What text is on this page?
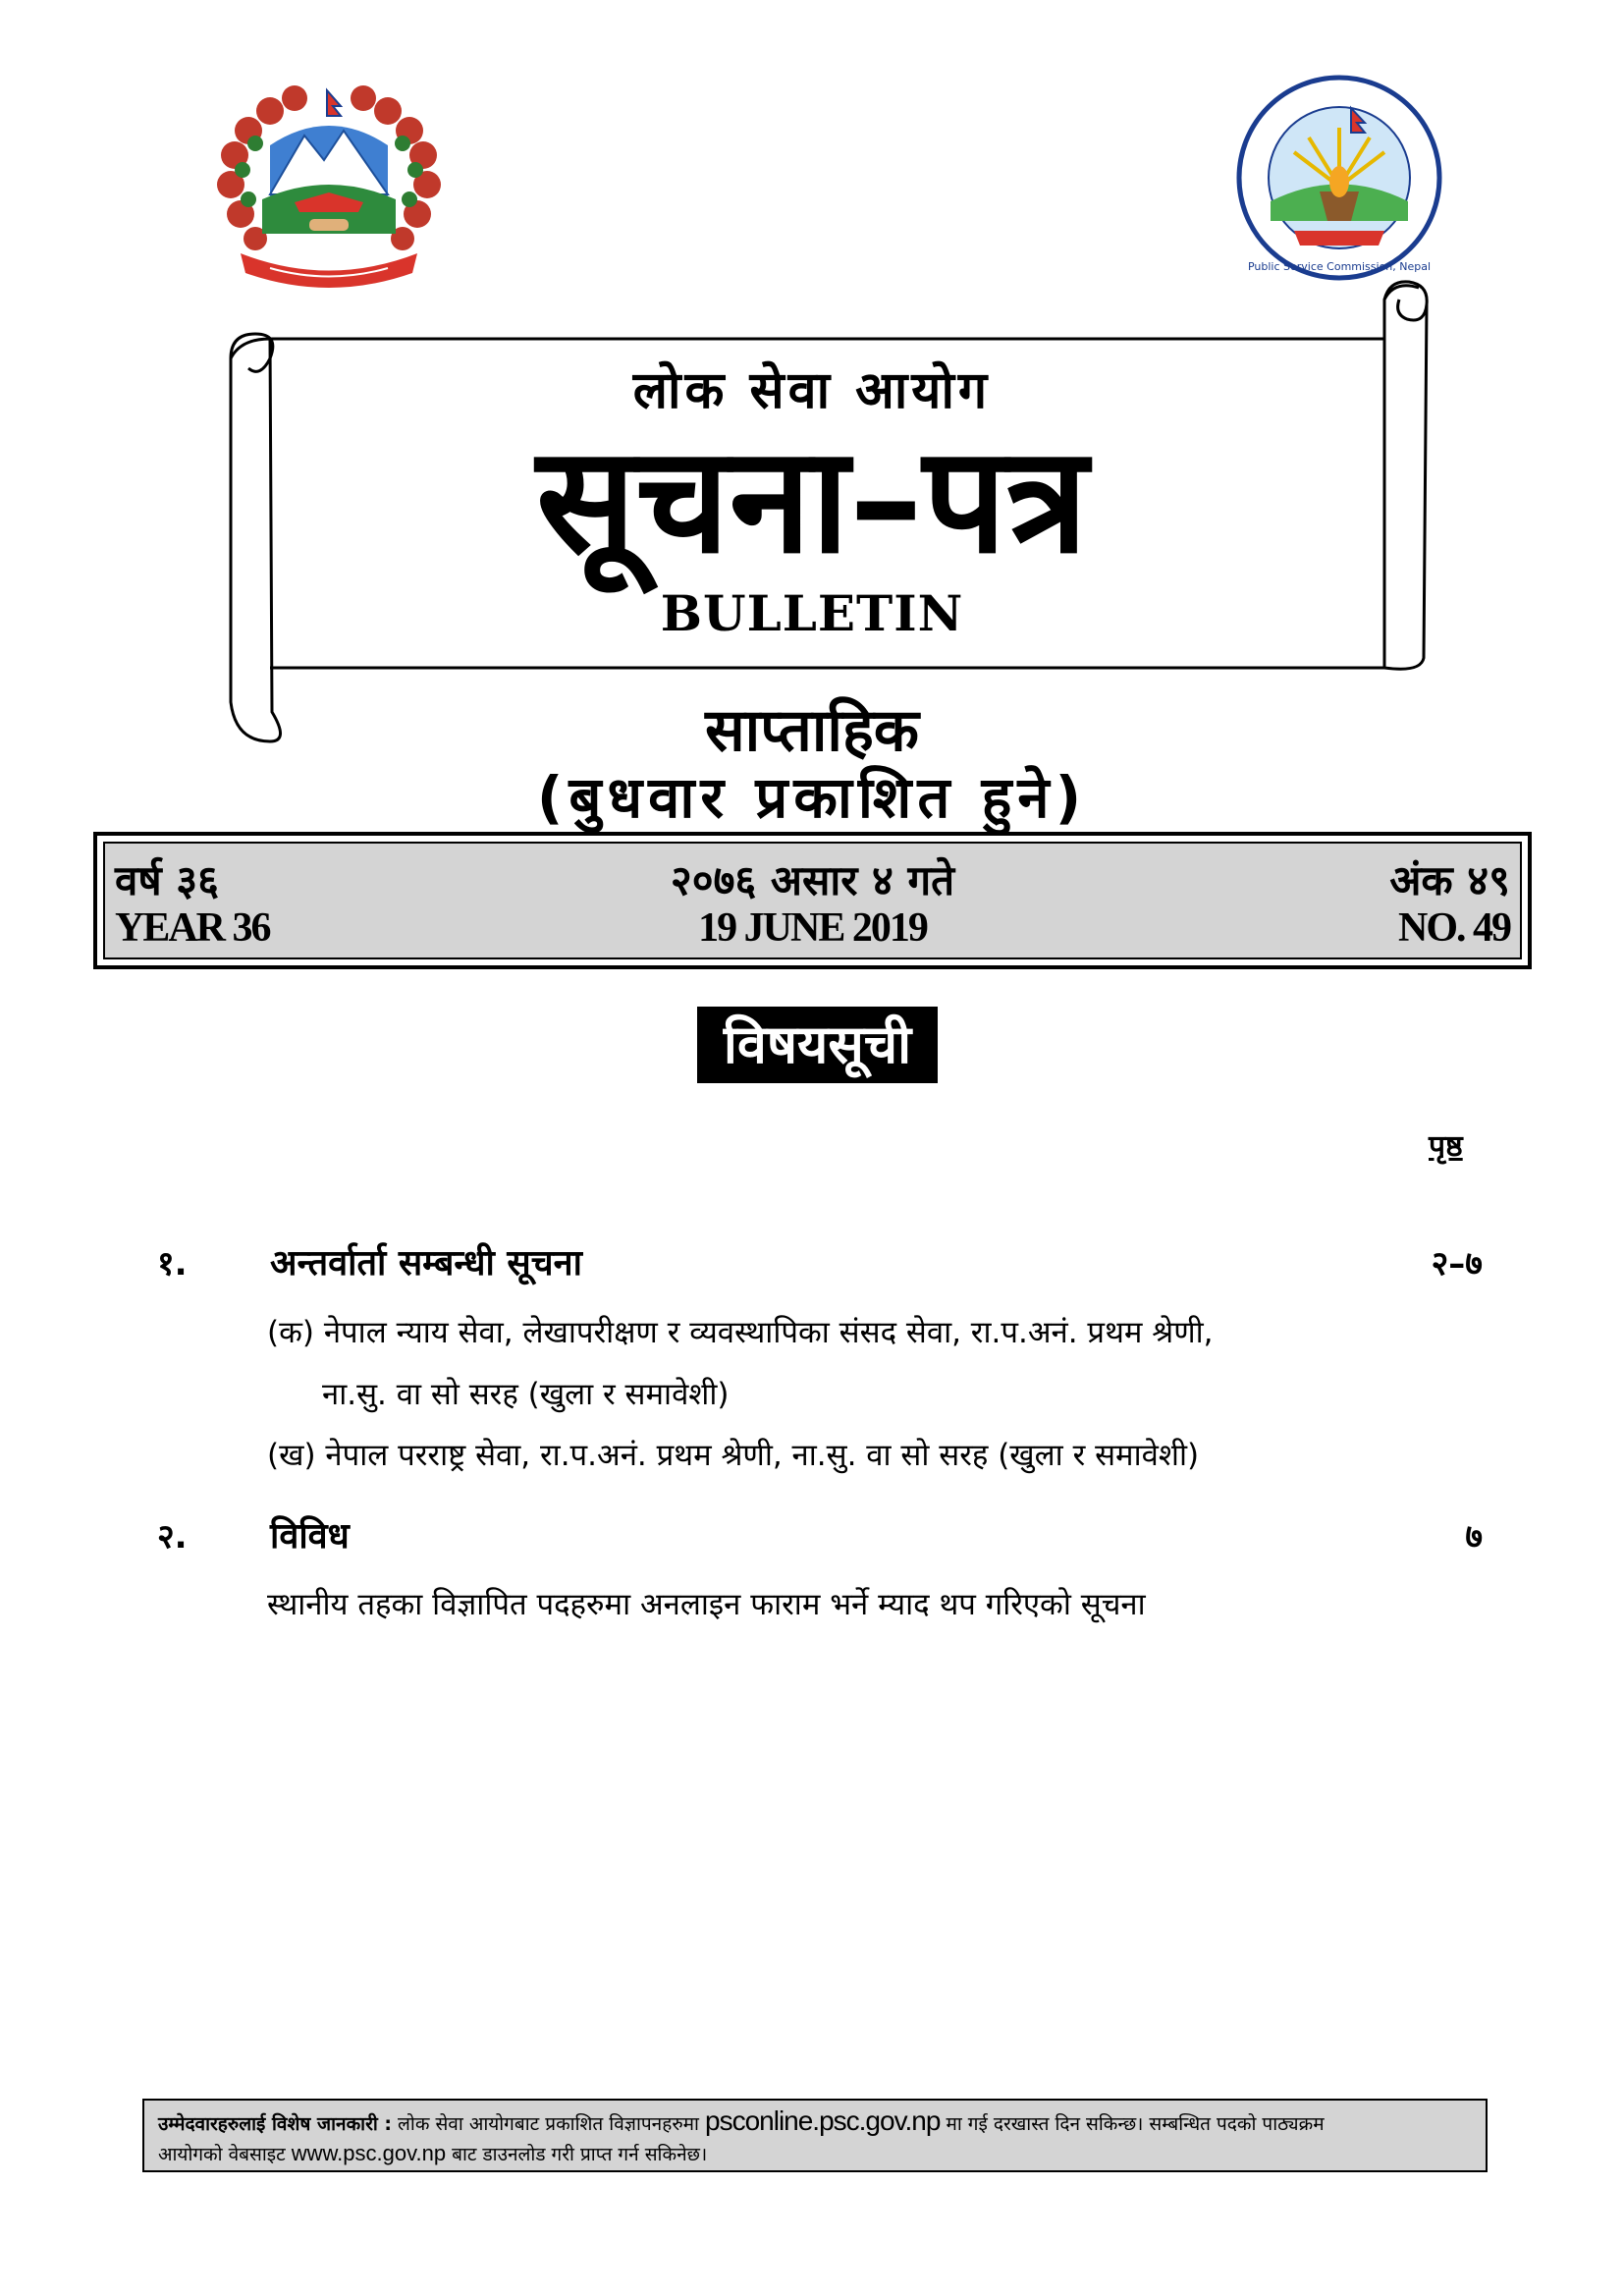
Public Service Commission, Nepal
लोक सेवा आयोग
सूचना–पत्र
BULLETIN
साप्ताहिक
(बुधवार प्रकाशित हुने)
वर्ष ३६	२०७६ असार ४ गते	अंक ४९
YEAR 36	19 JUNE 2019	NO. 49
विषयसूची
पृष्ठ
१. अन्तर्वार्ता सम्बन्धी सूचना	२–७
(क) नेपाल न्याय सेवा, लेखापरीक्षण र व्यवस्थापिका संसद सेवा, रा.प.अनं. प्रथम श्रेणी,
ना.सु. वा सो सरह (खुला र समावेशी)
(ख) नेपाल परराष्ट्र सेवा, रा.प.अनं. प्रथम श्रेणी, ना.सु. वा सो सरह (खुला र समावेशी)
२. विविध	७
स्थानीय तहका विज्ञापित पदहरुमा अनलाइन फाराम भर्ने म्याद थप गरिएको सूचना
उम्मेदवारहरुलाई विशेष जानकारी : लोक सेवा आयोगबाट प्रकाशित विज्ञापनहरुमा psconline.psc.gov.np मा गई दरखास्त दिन सकिन्छ। सम्बन्धित पदको पाठ्यक्रम
आयोगको वेबसाइट www.psc.gov.np बाट डाउनलोड गरी प्राप्त गर्न सकिनेछ।
